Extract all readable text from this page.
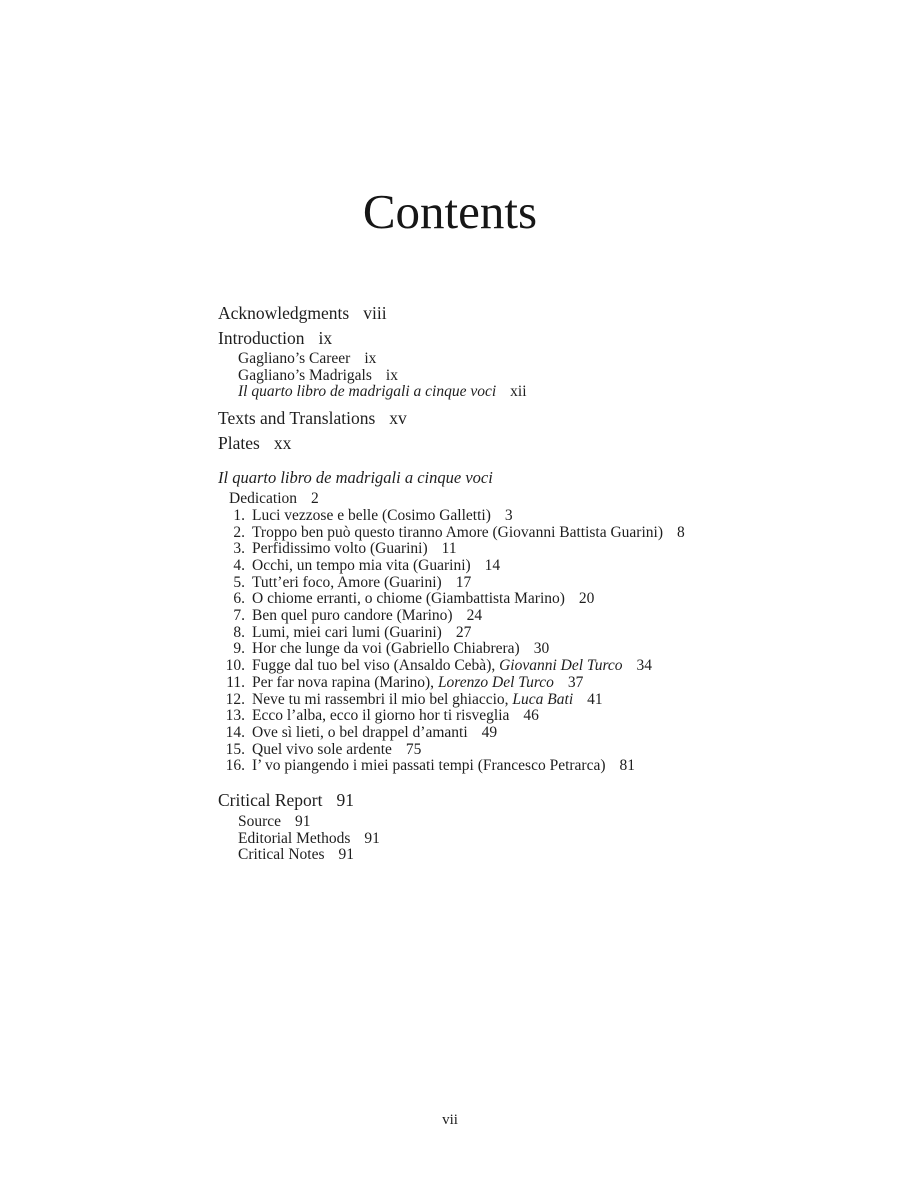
Contents
Acknowledgments viii
Introduction ix
Gagliano’s Career ix
Gagliano’s Madrigals ix
Il quarto libro de madrigali a cinque voci xii
Texts and Translations xv
Plates xx
Il quarto libro de madrigali a cinque voci
Dedication 2
1. Luci vezzose e belle (Cosimo Galletti) 3
2. Troppo ben può questo tiranno Amore (Giovanni Battista Guarini) 8
3. Perfidissimo volto (Guarini) 11
4. Occhi, un tempo mia vita (Guarini) 14
5. Tutt’eri foco, Amore (Guarini) 17
6. O chiome erranti, o chiome (Giambattista Marino) 20
7. Ben quel puro candore (Marino) 24
8. Lumi, miei cari lumi (Guarini) 27
9. Hor che lunge da voi (Gabriello Chiabrera) 30
10. Fugge dal tuo bel viso (Ansaldo Cebà), Giovanni Del Turco 34
11. Per far nova rapina (Marino), Lorenzo Del Turco 37
12. Neve tu mi rassembri il mio bel ghiaccio, Luca Bati 41
13. Ecco l’alba, ecco il giorno hor ti risveglia 46
14. Ove sì lieti, o bel drappel d’amanti 49
15. Quel vivo sole ardente 75
16. I’ vo piangendo i miei passati tempi (Francesco Petrarca) 81
Critical Report 91
Source 91
Editorial Methods 91
Critical Notes 91
vii
